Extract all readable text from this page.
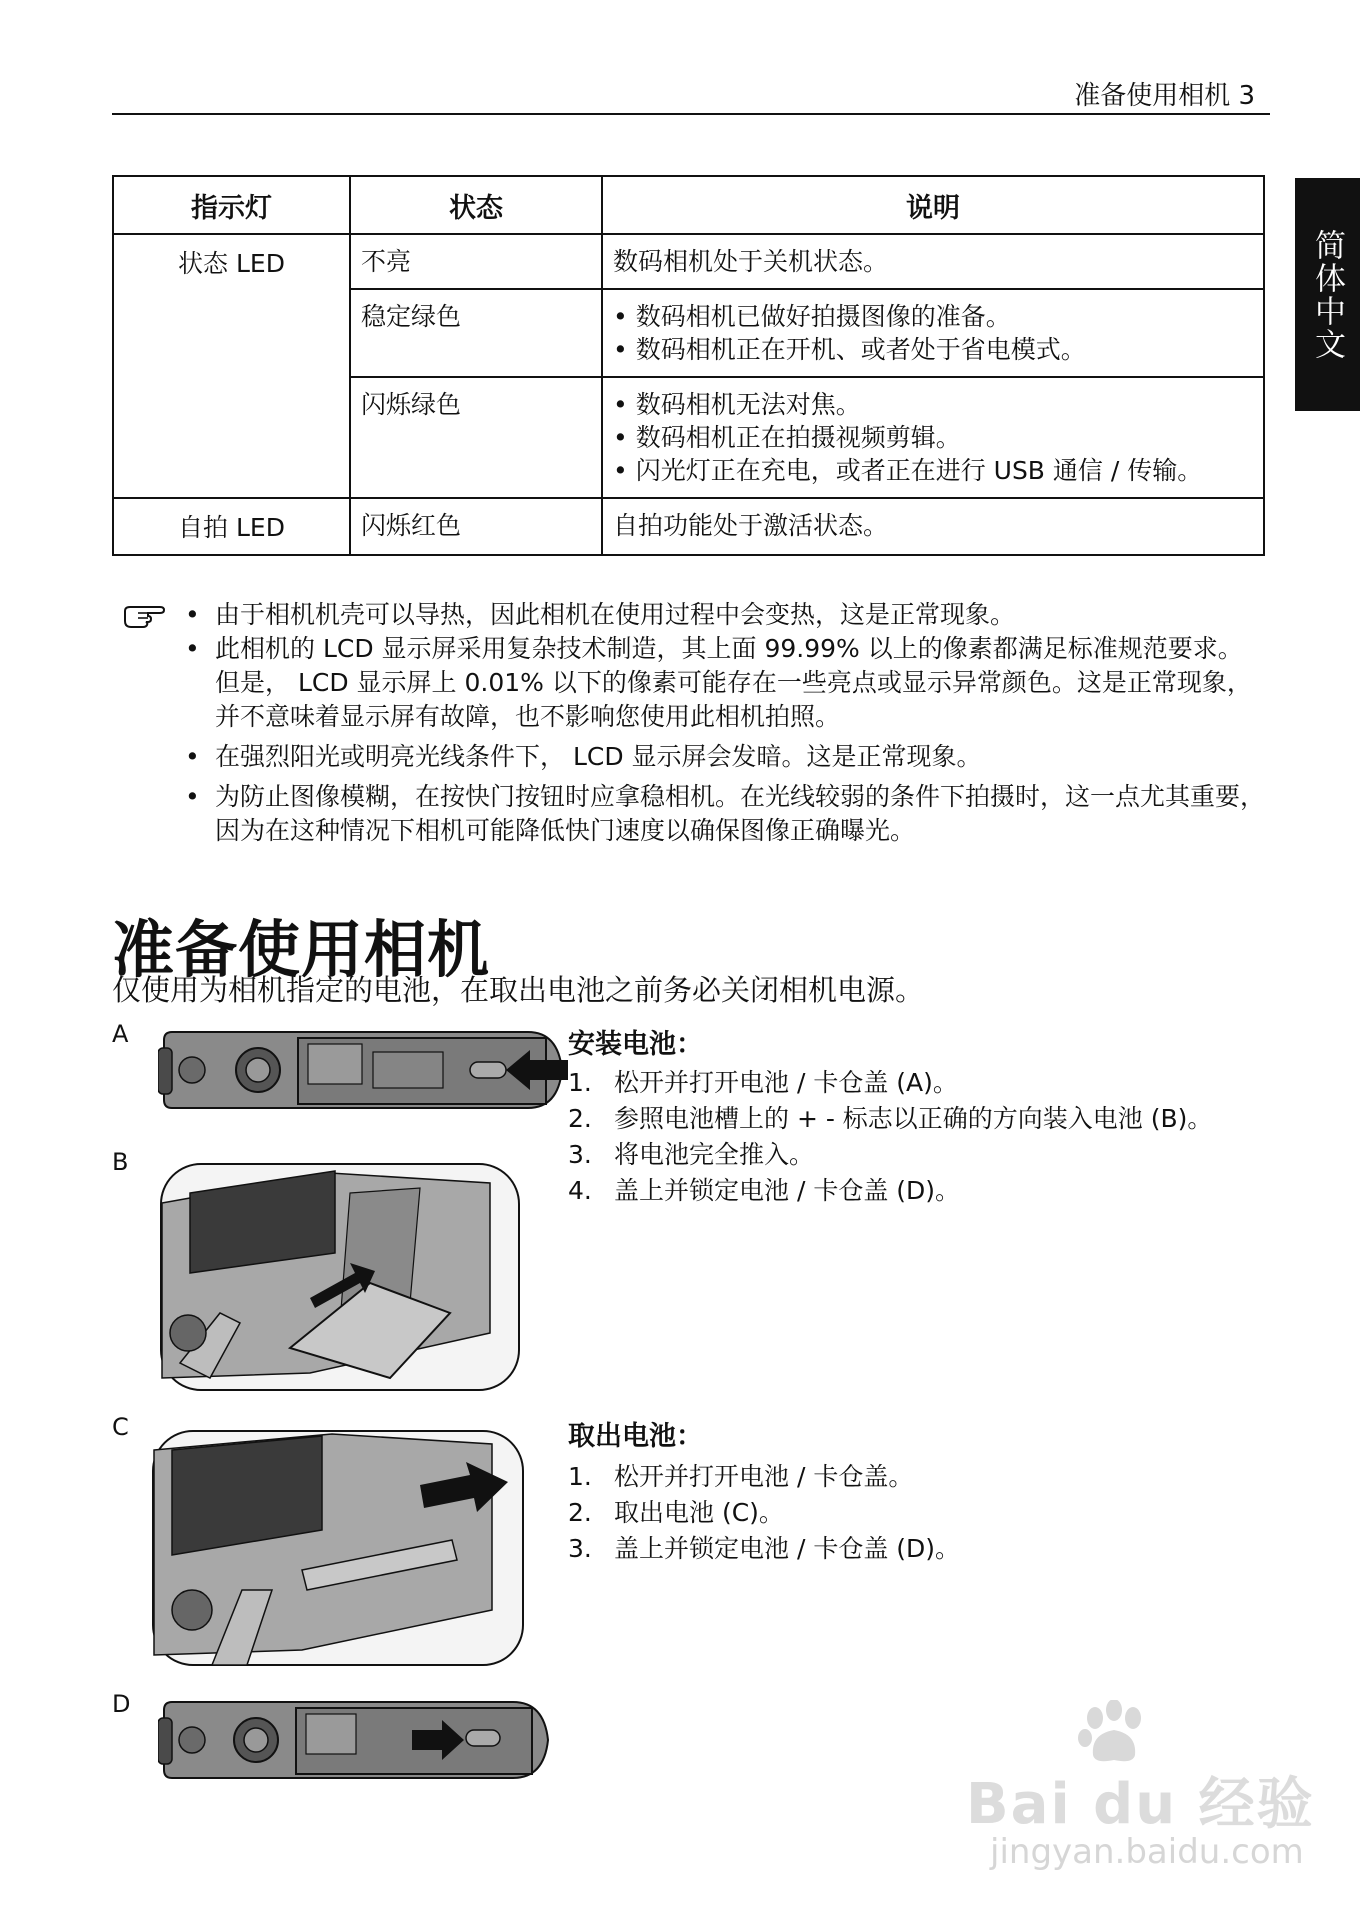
准备使用相机 3
简体中文
指示灯	状态	说明
状态 LED	不亮	数码相机处于关机状态。
	稳定绿色	• 数码相机已做好拍摄图像的准备。
• 数码相机正在开机、或者处于省电模式。

	闪烁绿色	• 数码相机无法对焦。
• 数码相机正在拍摄视频剪辑。
• 闪光灯正在充电，或者正在进行 USB 通信 / 传输。

自拍 LED	闪烁红色	自拍功能处于激活状态。
• 由于相机机壳可以导热，因此相机在使用过程中会变热，这是正常现象。
• 此相机的 LCD 显示屏采用复杂技术制造，其上面 99.99% 以上的像素都满足标准规范要求。但是， LCD 显示屏上 0.01% 以下的像素可能存在一些亮点或显示异常颜色。这是正常现象，并不意味着显示屏有故障，也不影响您使用此相机拍照。
• 在强烈阳光或明亮光线条件下， LCD 显示屏会发暗。这是正常现象。
• 为防止图像模糊，在按快门按钮时应拿稳相机。在光线较弱的条件下拍摄时，这一点尤其重要，因为在这种情况下相机可能降低快门速度以确保图像正确曝光。
准备使用相机
仅使用为相机指定的电池，在取出电池之前务必关闭相机电源。
A
B
C
D
安装电池：
1. 松开并打开电池 / 卡仓盖 (A)。
2. 参照电池槽上的 + - 标志以正确的方向装入电池 (B)。
3. 将电池完全推入。
4. 盖上并锁定电池 / 卡仓盖 (D)。
取出电池：
1. 松开并打开电池 / 卡仓盖。
2. 取出电池 (C)。
3. 盖上并锁定电池 / 卡仓盖 (D)。
Bai du 经验
jingyan.baidu.com
